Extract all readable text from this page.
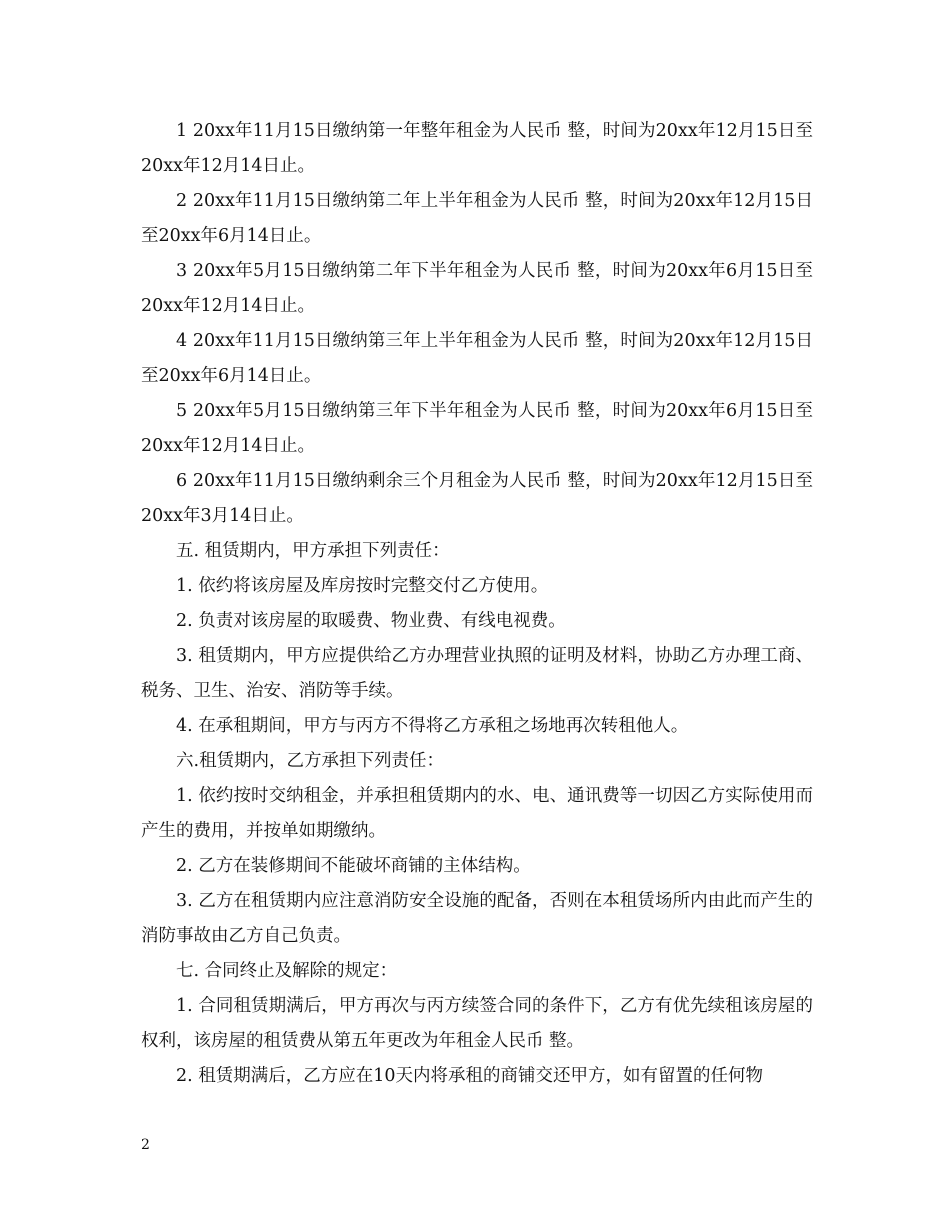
1 20xx年11月15日缴纳第一年整年租金为人民币 整，时间为20xx年12月15日至20xx年12月14日止。

2 20xx年11月15日缴纳第二年上半年租金为人民币 整，时间为20xx年12月15日至20xx年6月14日止。

3 20xx年5月15日缴纳第二年下半年租金为人民币 整，时间为20xx年6月15日至20xx年12月14日止。

4 20xx年11月15日缴纳第三年上半年租金为人民币 整，时间为20xx年12月15日至20xx年6月14日止。

5 20xx年5月15日缴纳第三年下半年租金为人民币 整，时间为20xx年6月15日至20xx年12月14日止。

6 20xx年11月15日缴纳剩余三个月租金为人民币 整，时间为20xx年12月15日至20xx年3月14日止。

五. 租赁期内，甲方承担下列责任：

1. 依约将该房屋及库房按时完整交付乙方使用。

2. 负责对该房屋的取暖费、物业费、有线电视费。

3. 租赁期内，甲方应提供给乙方办理营业执照的证明及材料，协助乙方办理工商、税务、卫生、治安、消防等手续。

4. 在承租期间，甲方与丙方不得将乙方承租之场地再次转租他人。

六.租赁期内，乙方承担下列责任：

1. 依约按时交纳租金，并承担租赁期内的水、电、通讯费等一切因乙方实际使用而产生的费用，并按单如期缴纳。

2. 乙方在装修期间不能破坏商铺的主体结构。

3. 乙方在租赁期内应注意消防安全设施的配备，否则在本租赁场所内由此而产生的消防事故由乙方自己负责。

七. 合同终止及解除的规定：

1. 合同租赁期满后，甲方再次与丙方续签合同的条件下，乙方有优先续租该房屋的权利，该房屋的租赁费从第五年更改为年租金人民币 整。

2. 租赁期满后，乙方应在10天内将承租的商铺交还甲方，如有留置的任何物

2
